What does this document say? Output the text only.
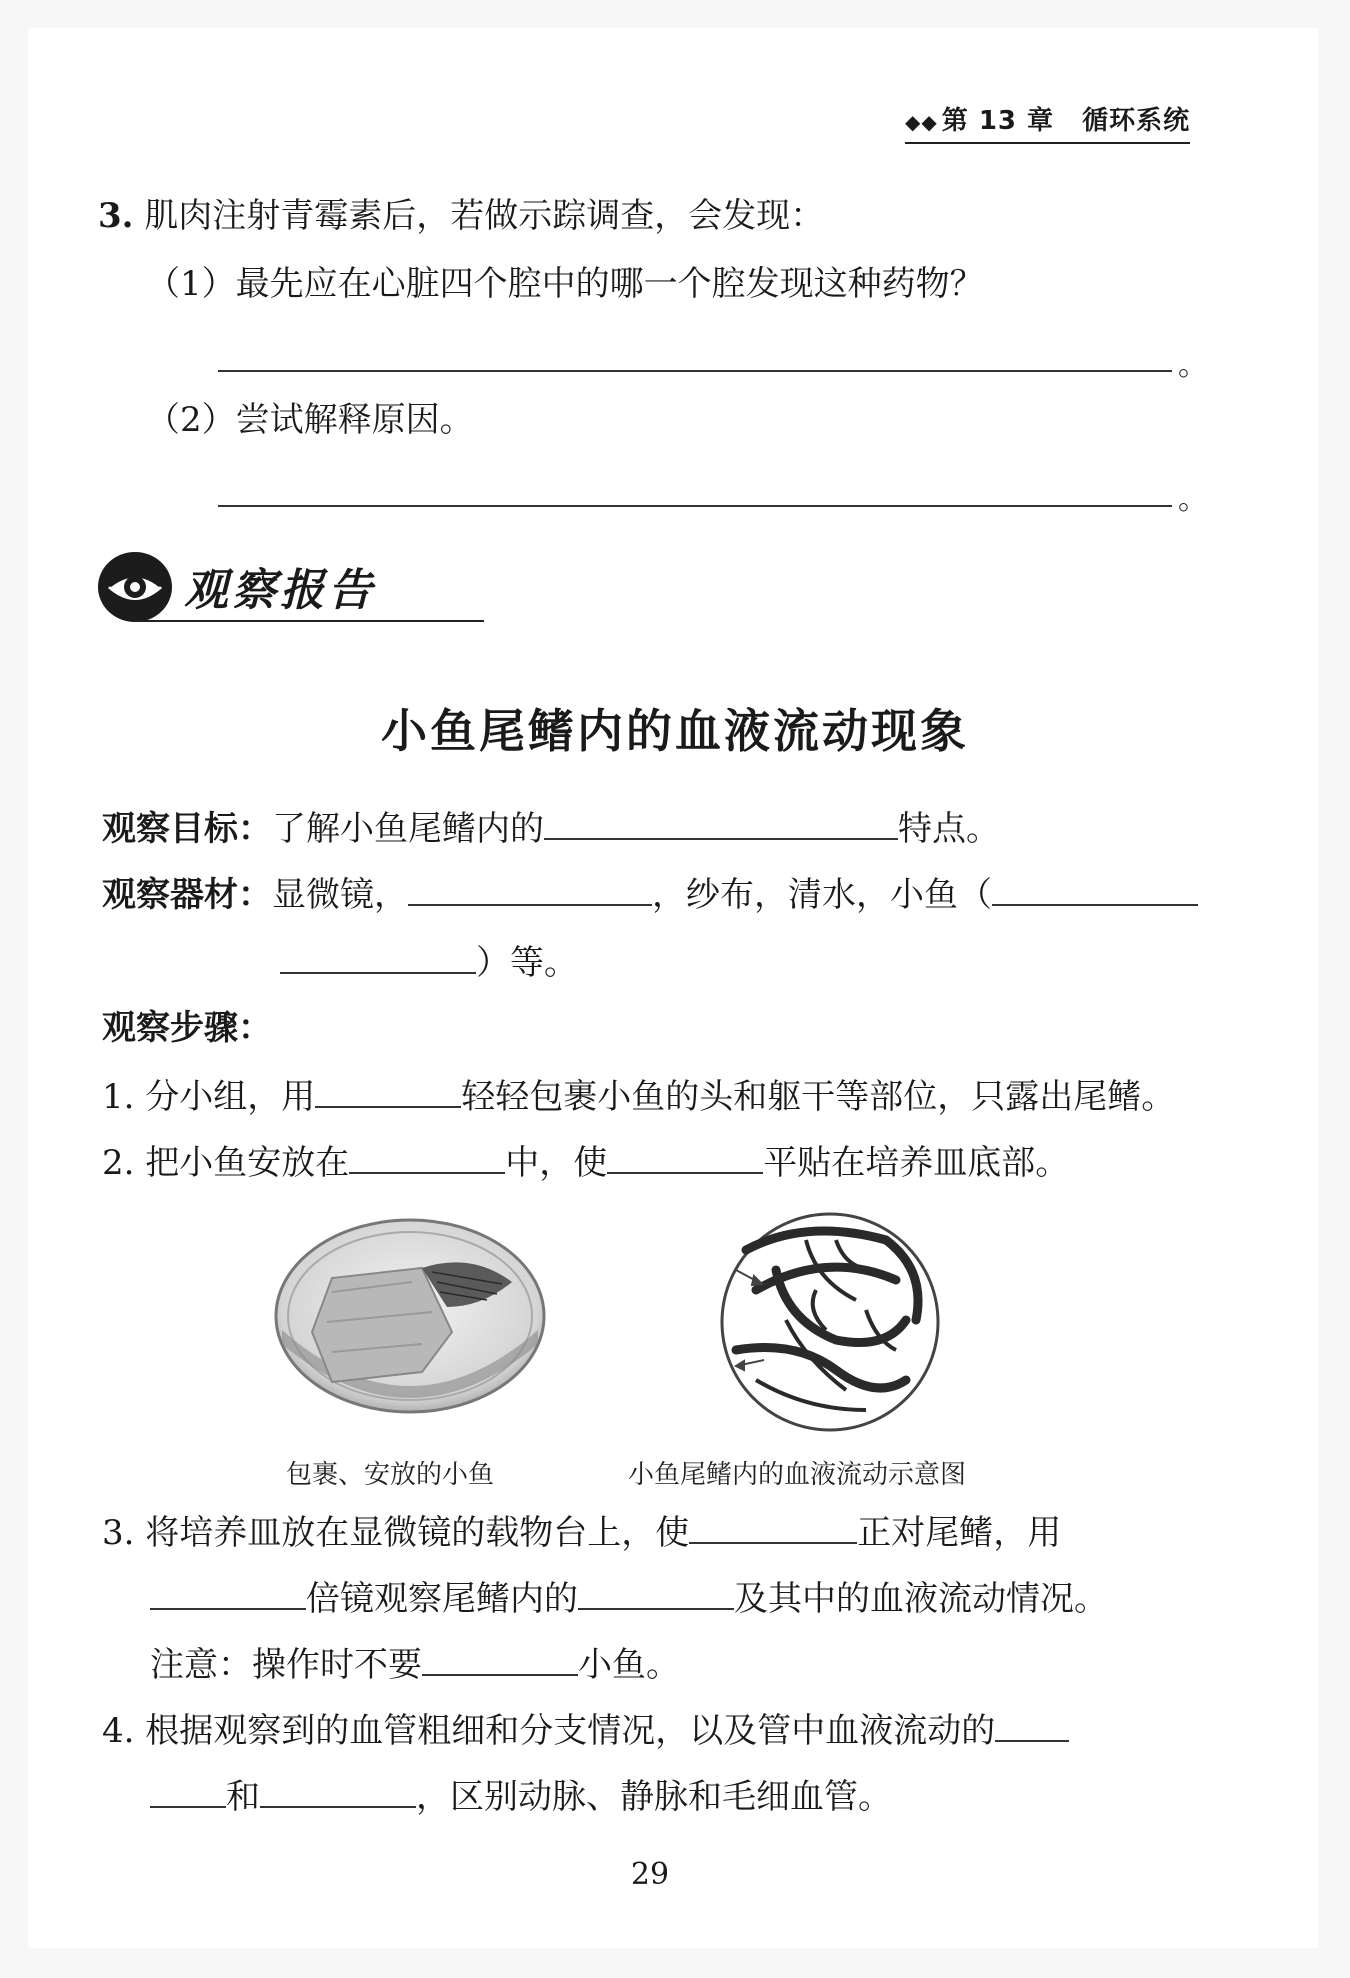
◆◆ 第 13 章 循环系统
3. 肌肉注射青霉素后，若做示踪调查，会发现：
（1）最先应在心脏四个腔中的哪一个腔发现这种药物？
。
（2）尝试解释原因。
。
观察报告
小鱼尾鳍内的血液流动现象
观察目标：了解小鱼尾鳍内的	特点。
观察器材：显微镜，	，纱布，清水，小鱼（
）等。
观察步骤：
1. 分小组，用	轻轻包裹小鱼的头和躯干等部位，只露出尾鳍。
2. 把小鱼安放在	中，使	平贴在培养皿底部。
包裹、安放的小鱼	小鱼尾鳍内的血液流动示意图
3. 将培养皿放在显微镜的载物台上，使	正对尾鳍，用
倍镜观察尾鳍内的	及其中的血液流动情况。
注意：操作时不要	小鱼。
4. 根据观察到的血管粗细和分支情况，以及管中血液流动的
和	，区别动脉、静脉和毛细血管。
29
